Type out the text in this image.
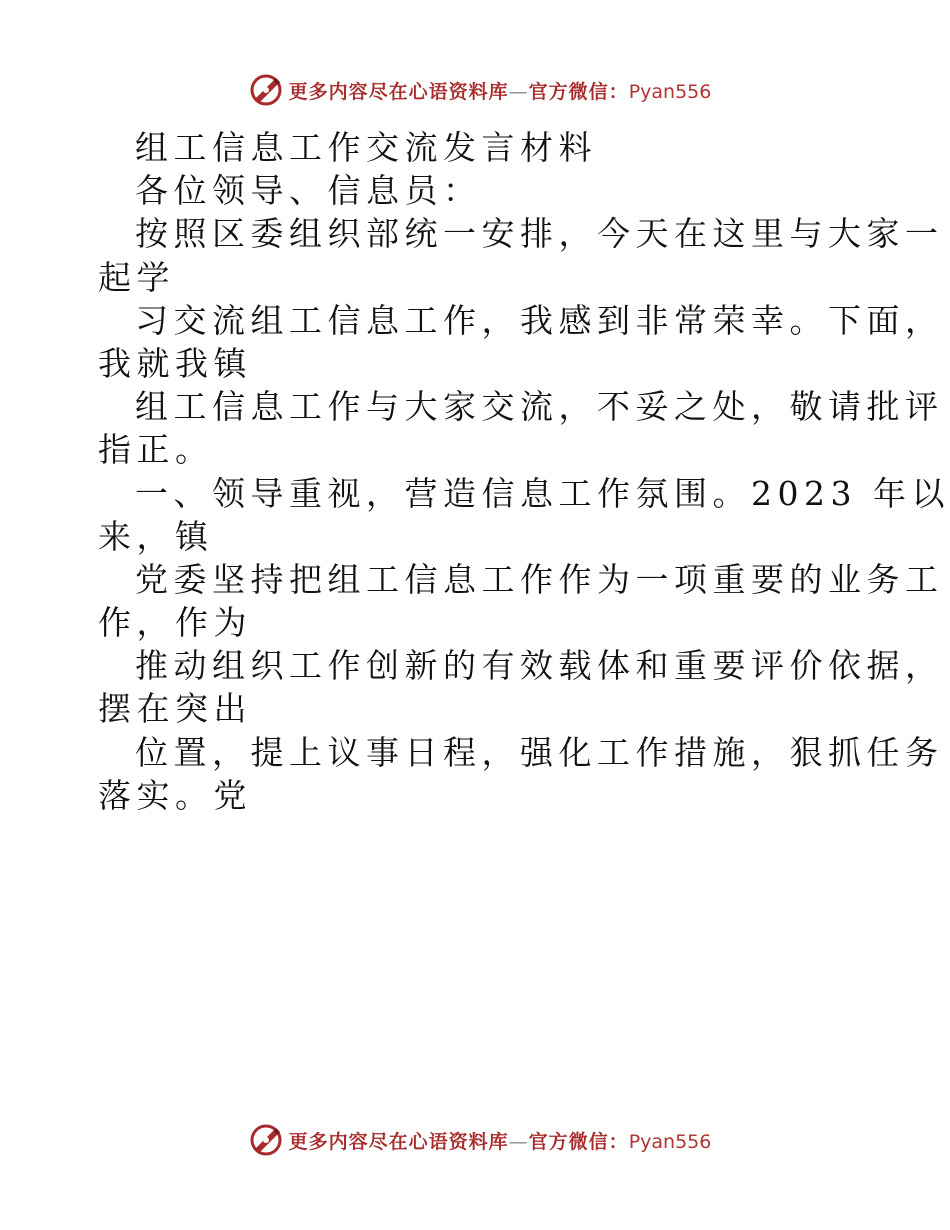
更多内容尽在心语资料库—官方微信：Pyan556
组工信息工作交流发言材料
各位领导、信息员：
按照区委组织部统一安排，今天在这里与大家一
起学
习交流组工信息工作，我感到非常荣幸。下面，
我就我镇
组工信息工作与大家交流，不妥之处，敬请批评
指正。
一、领导重视，营造信息工作氛围。2023 年以
来，镇
党委坚持把组工信息工作作为一项重要的业务工
作，作为
推动组织工作创新的有效载体和重要评价依据，
摆在突出
位置，提上议事日程，强化工作措施，狠抓任务
落实。党
更多内容尽在心语资料库—官方微信：Pyan556
